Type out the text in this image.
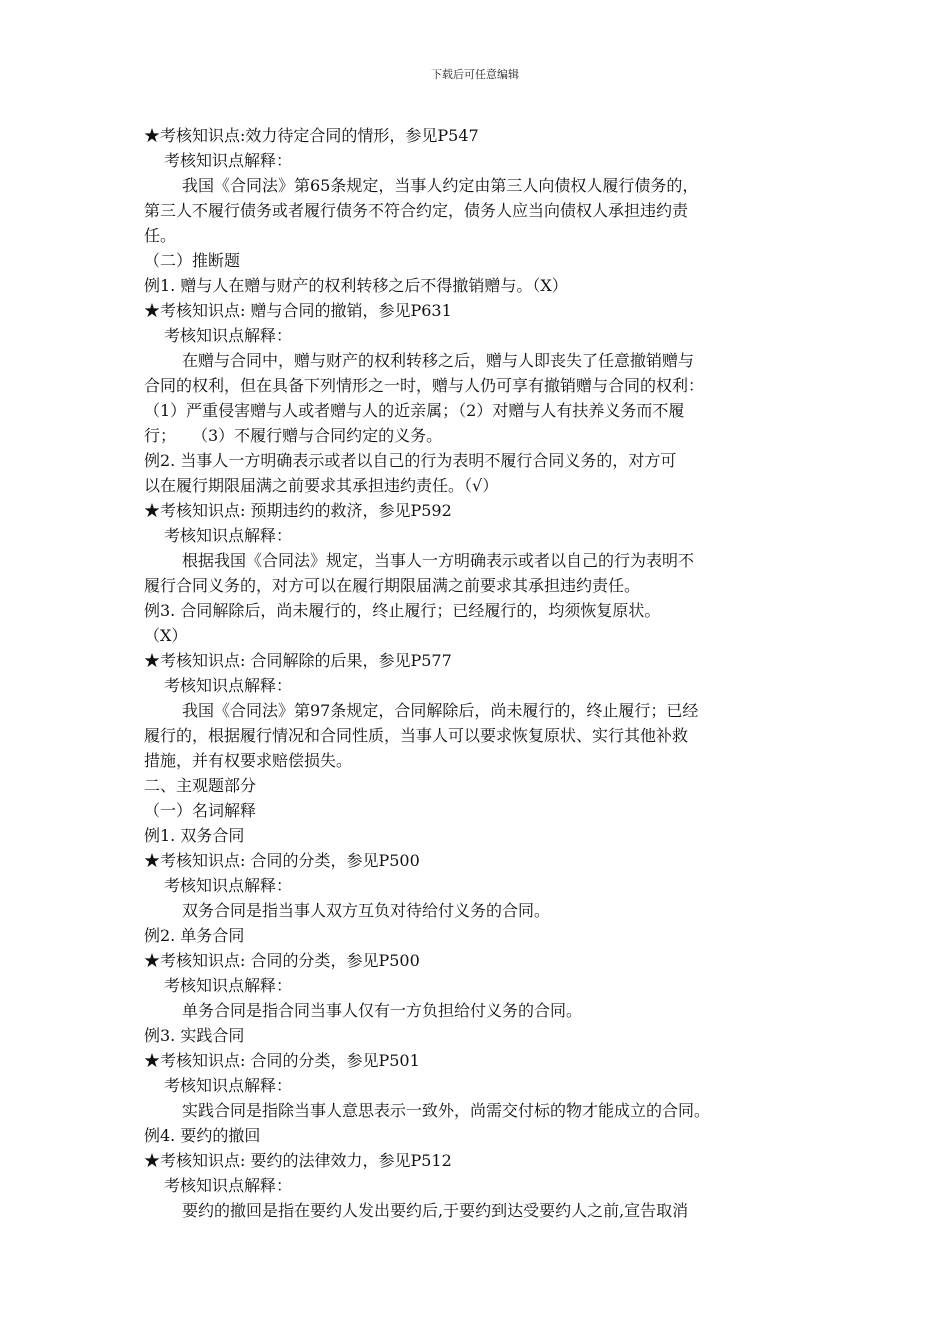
下载后可任意编辑
★考核知识点:效力待定合同的情形，参见P547
考核知识点解释：
我国《合同法》第65条规定，当事人约定由第三人向债权人履行债务的，
第三人不履行债务或者履行债务不符合约定，债务人应当向债权人承担违约责
任。
（二）推断题
例1. 赠与人在赠与财产的权利转移之后不得撤销赠与。（X）
★考核知识点: 赠与合同的撤销，参见P631
考核知识点解释：
在赠与合同中，赠与财产的权利转移之后，赠与人即丧失了任意撤销赠与
合同的权利，但在具备下列情形之一时，赠与人仍可享有撤销赠与合同的权利：
（1）严重侵害赠与人或者赠与人的近亲属；（2）对赠与人有扶养义务而不履
行；　　（3）不履行赠与合同约定的义务。
例2. 当事人一方明确表示或者以自己的行为表明不履行合同义务的，对方可
以在履行期限届满之前要求其承担违约责任。（√）
★考核知识点: 预期违约的救济，参见P592
考核知识点解释：
根据我国《合同法》规定，当事人一方明确表示或者以自己的行为表明不
履行合同义务的，对方可以在履行期限届满之前要求其承担违约责任。
例3. 合同解除后，尚未履行的，终止履行；已经履行的，均须恢复原状。
（X）
★考核知识点: 合同解除的后果，参见P577
考核知识点解释：
我国《合同法》第97条规定，合同解除后，尚未履行的，终止履行；已经
履行的，根据履行情况和合同性质，当事人可以要求恢复原状、实行其他补救
措施，并有权要求赔偿损失。
二、主观题部分
（一）名词解释
例1. 双务合同
★考核知识点: 合同的分类，参见P500
考核知识点解释：
双务合同是指当事人双方互负对待给付义务的合同。
例2. 单务合同
★考核知识点: 合同的分类，参见P500
考核知识点解释：
单务合同是指合同当事人仅有一方负担给付义务的合同。
例3. 实践合同
★考核知识点: 合同的分类，参见P501
考核知识点解释：
实践合同是指除当事人意思表示一致外，尚需交付标的物才能成立的合同。
例4. 要约的撤回
★考核知识点: 要约的法律效力，参见P512
考核知识点解释：
要约的撤回是指在要约人发出要约后,于要约到达受要约人之前,宣告取消
